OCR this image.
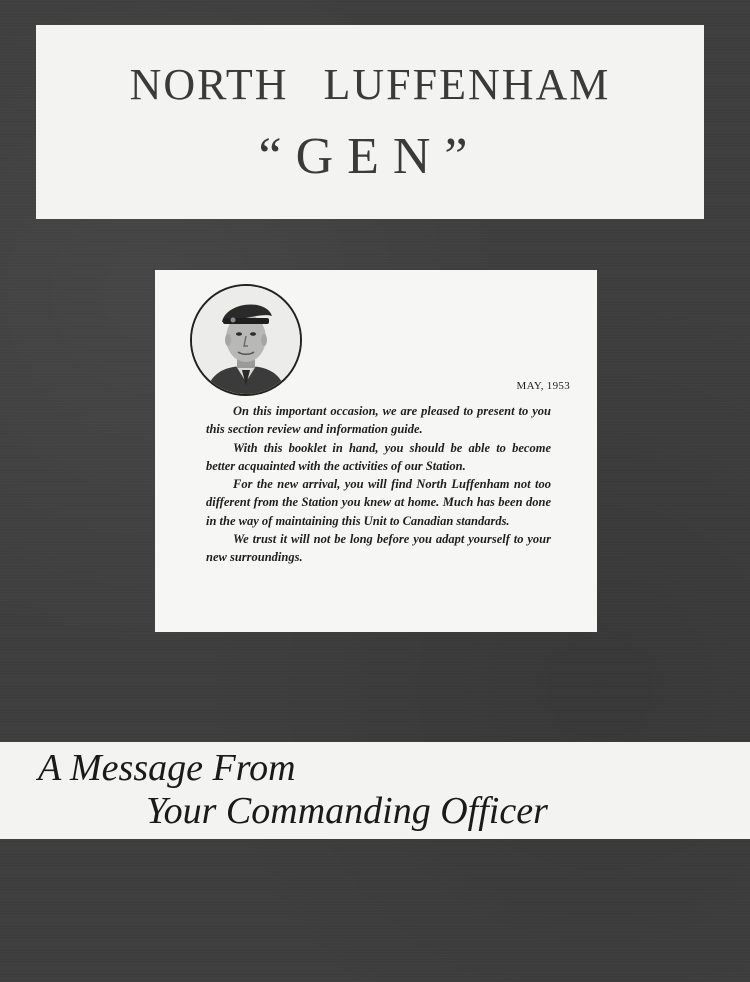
NORTH LUFFENHAM
“GEN”
MAY, 1953

On this important occasion, we are pleased to present to you this section review and information guide.

With this booklet in hand, you should be able to become better acquainted with the activities of our Station.

For the new arrival, you will find North Luffenham not too different from the Station you knew at home. Much has been done in the way of maintaining this Unit to Canadian standards.

We trust it will not be long before you adapt yourself to your new surroundings.

A Message From
Your Commanding Officer
